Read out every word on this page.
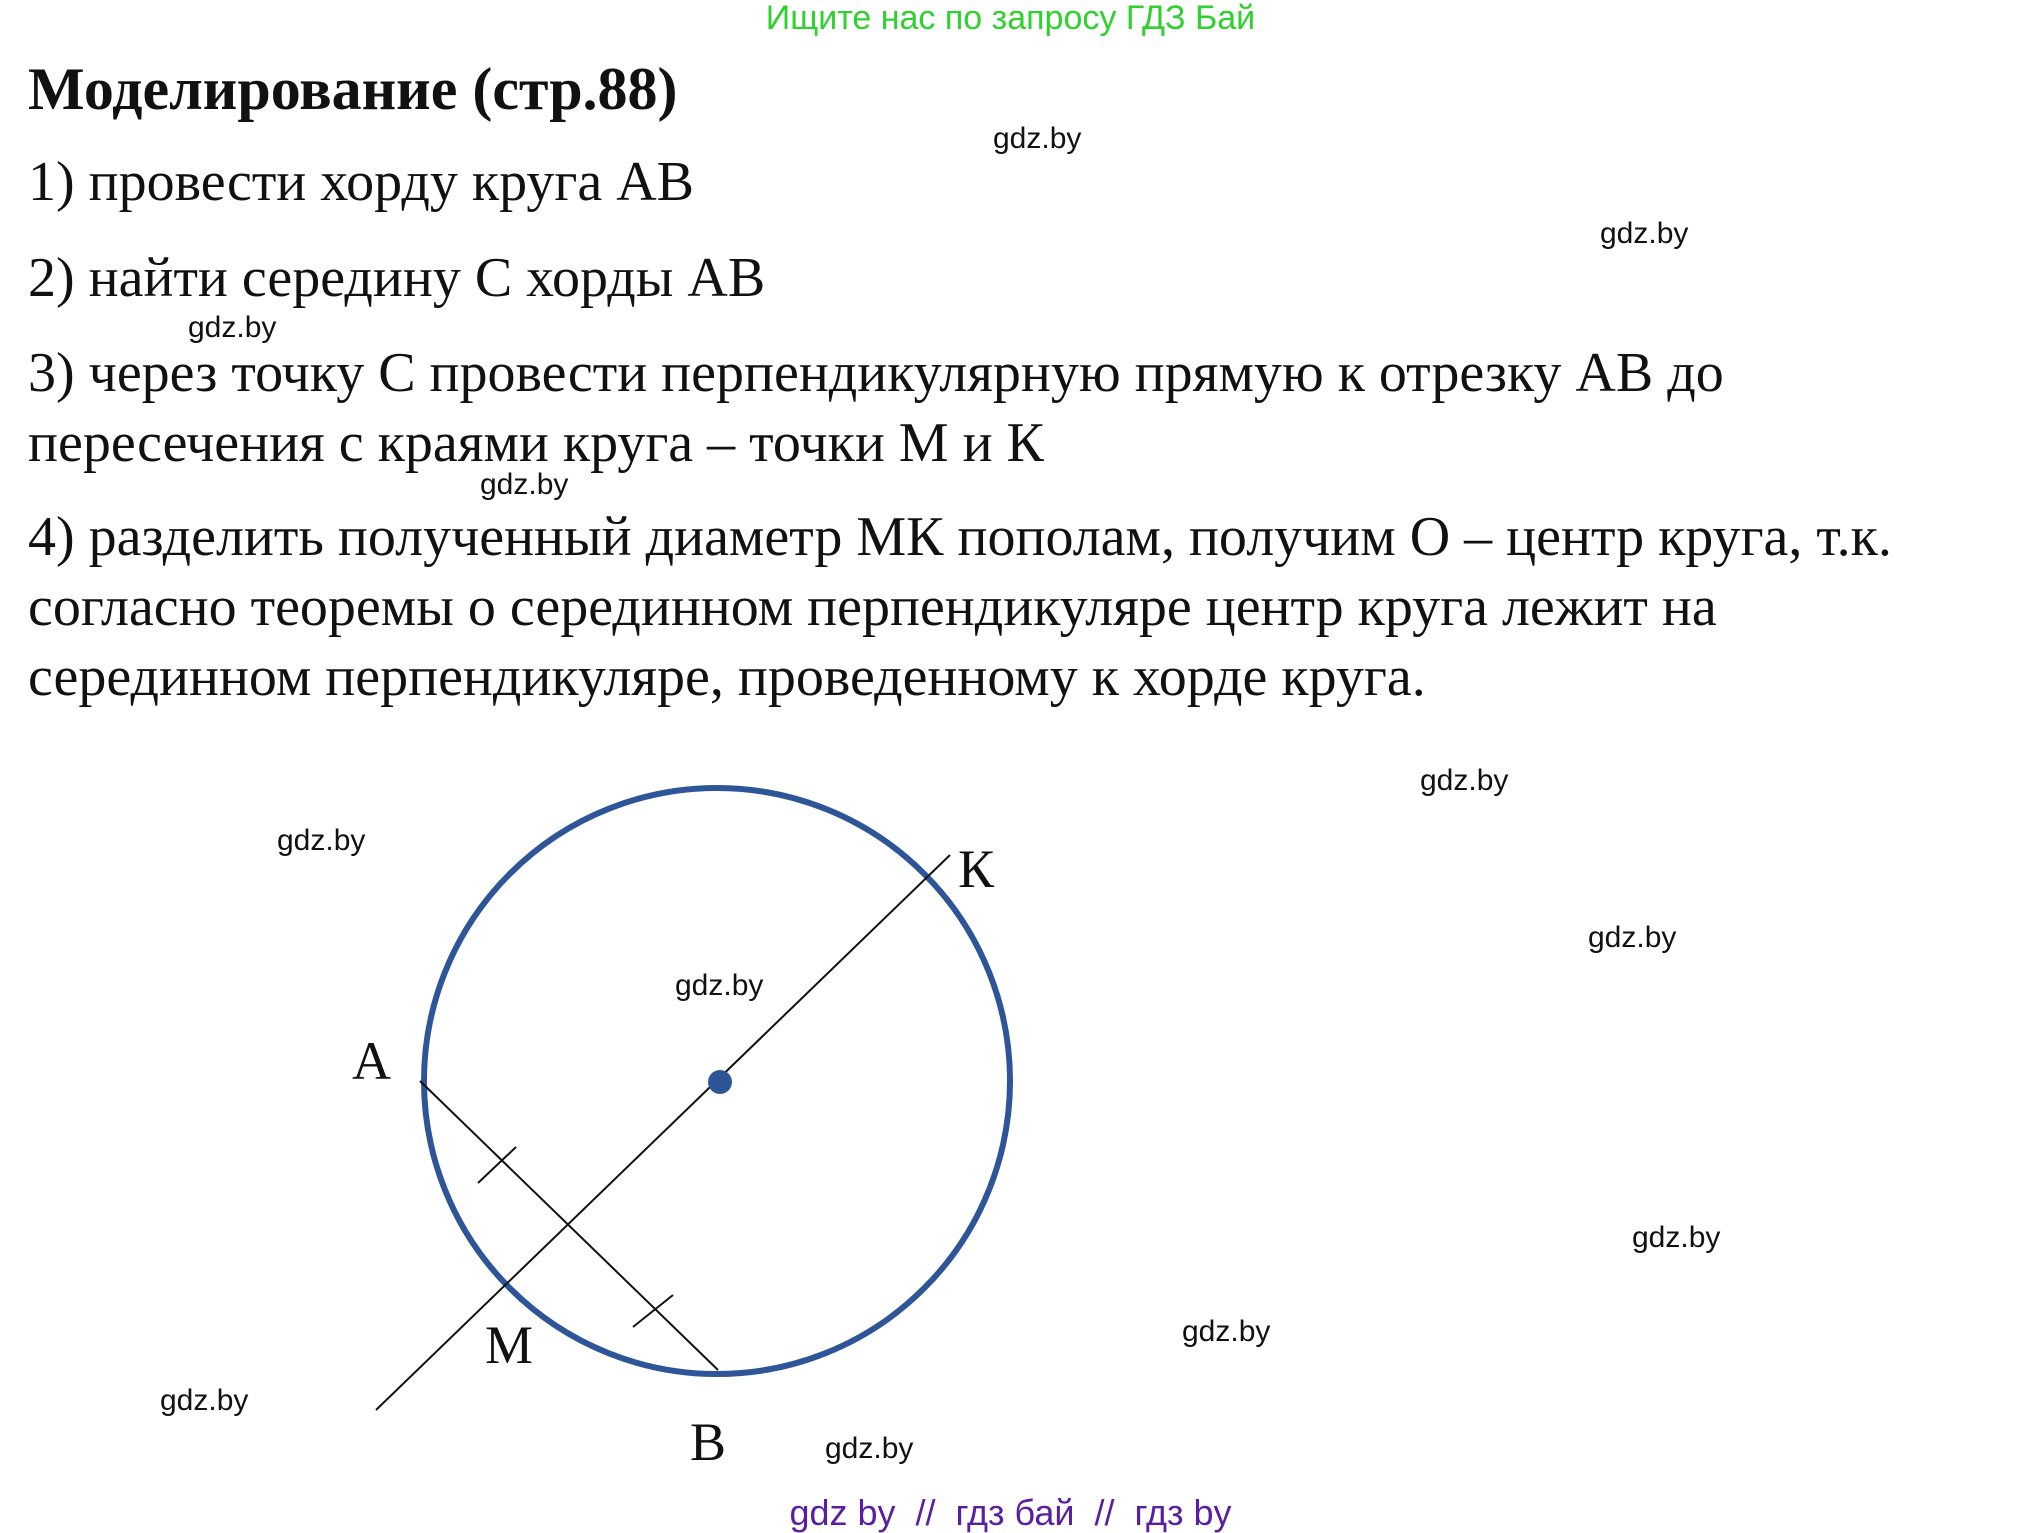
Ищите нас по запросу ГДЗ Бай
Моделирование (стр.88)
1) провести хорду круга АВ
2) найти середину С хорды АВ
3) через точку С провести перпендикулярную прямую к отрезку АВ до
пересечения с краями круга – точки М и К
4) разделить полученный диаметр МК пополам, получим О – центр круга, т.к.
согласно теоремы о серединном перпендикуляре центр круга лежит на
серединном перпендикуляре, проведенному к хорде круга.
gdz.by
gdz.by
gdz.by
gdz.by
gdz.by
gdz.by
gdz.by
gdz.by
gdz.by
gdz.by
gdz.by
gdz.by
А
В
К
М
gdz by  //  гдз бай  //  гдз by
